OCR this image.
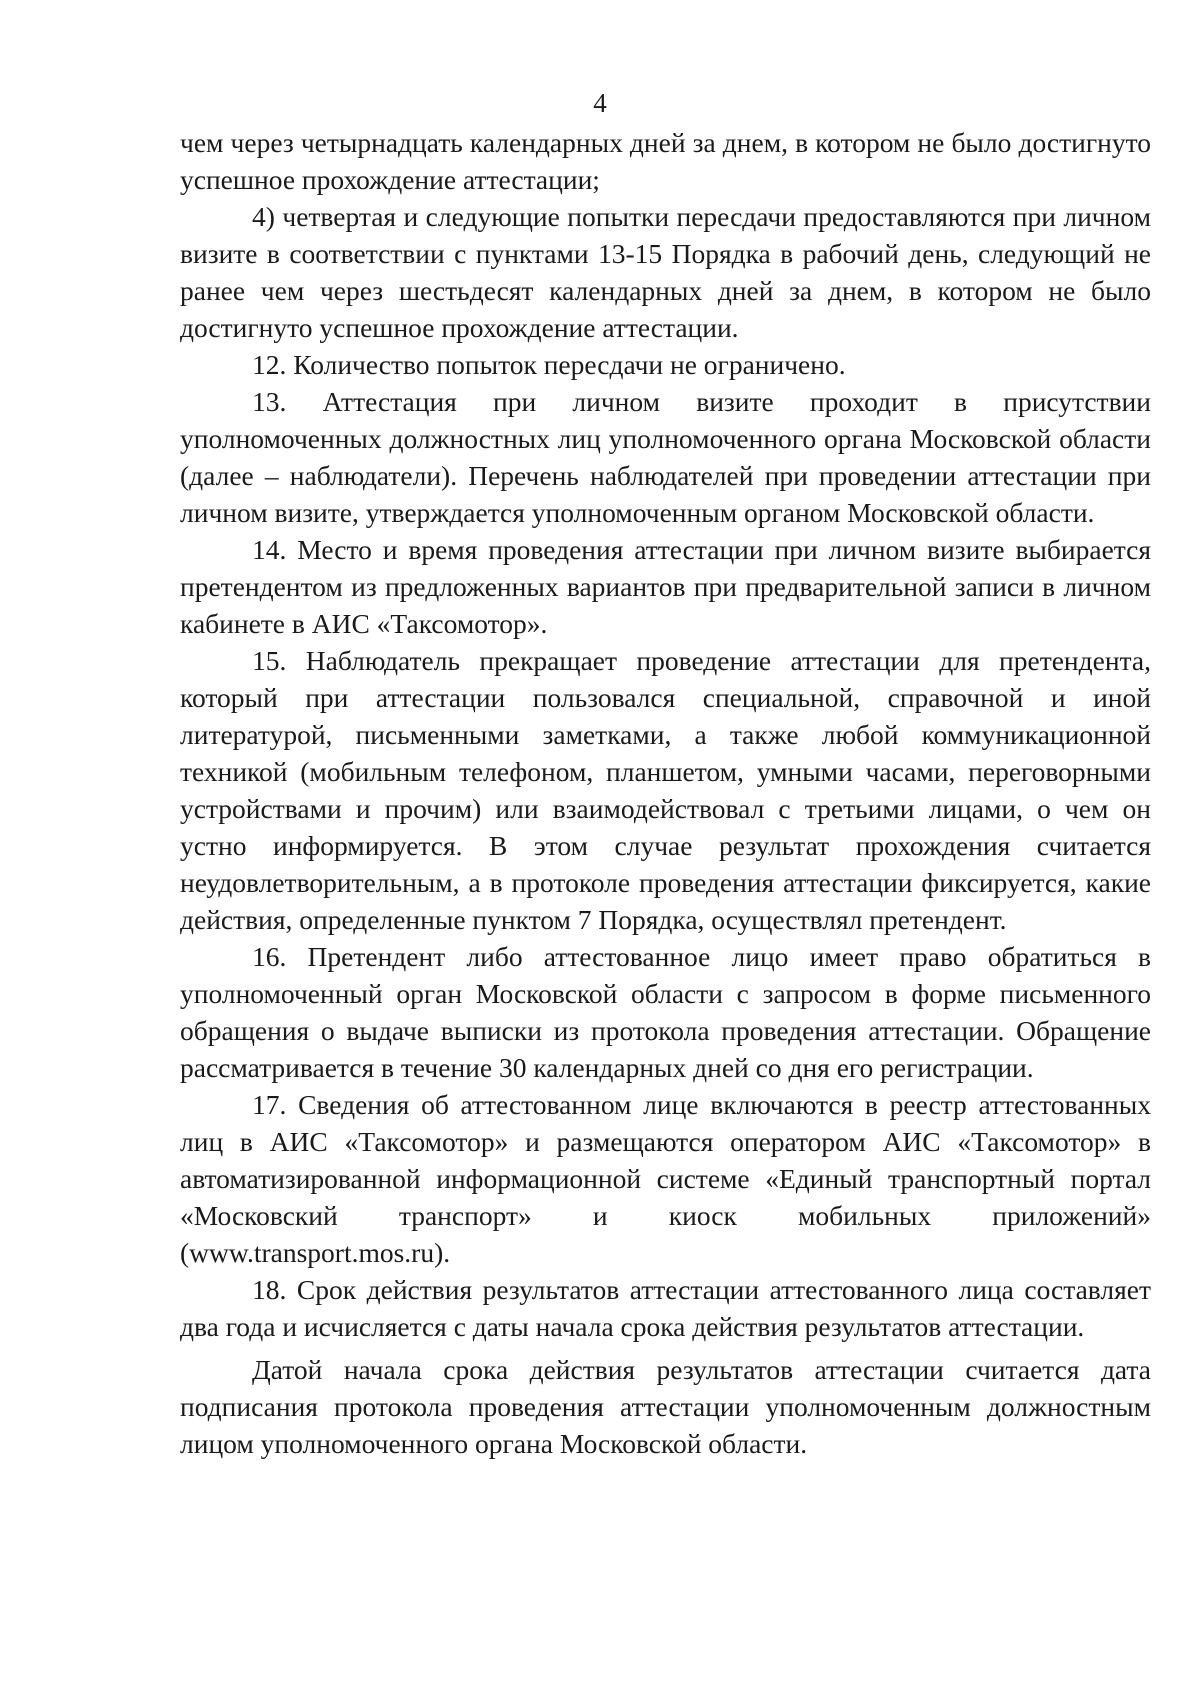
4

чем через четырнадцать календарных дней за днем, в котором не было достигнуто успешное прохождение аттестации;

4) четвертая и следующие попытки пересдачи предоставляются при личном визите в соответствии с пунктами 13-15 Порядка в рабочий день, следующий не ранее чем через шестьдесят календарных дней за днем, в котором не было достигнуто успешное прохождение аттестации.

12. Количество попыток пересдачи не ограничено.

13. Аттестация при личном визите проходит в присутствии уполномоченных должностных лиц уполномоченного органа Московской области (далее – наблюдатели). Перечень наблюдателей при проведении аттестации при личном визите, утверждается уполномоченным органом Московской области.

14. Место и время проведения аттестации при личном визите выбирается претендентом из предложенных вариантов при предварительной записи в личном кабинете в АИС «Таксомотор».

15. Наблюдатель прекращает проведение аттестации для претендента, который при аттестации пользовался специальной, справочной и иной литературой, письменными заметками, а также любой коммуникационной техникой (мобильным телефоном, планшетом, умными часами, переговорными устройствами и прочим) или взаимодействовал с третьими лицами, о чем он устно информируется. В этом случае результат прохождения считается неудовлетворительным, а в протоколе проведения аттестации фиксируется, какие действия, определенные пунктом 7 Порядка, осуществлял претендент.

16. Претендент либо аттестованное лицо имеет право обратиться в уполномоченный орган Московской области с запросом в форме письменного обращения о выдаче выписки из протокола проведения аттестации. Обращение рассматривается в течение 30 календарных дней со дня его регистрации.

17. Сведения об аттестованном лице включаются в реестр аттестованных лиц в АИС «Таксомотор» и размещаются оператором АИС «Таксомотор» в автоматизированной информационной системе «Единый транспортный портал «Московский транспорт» и киоск мобильных приложений» (www.transport.mos.ru).

18. Срок действия результатов аттестации аттестованного лица составляет два года и исчисляется с даты начала срока действия результатов аттестации.

Датой начала срока действия результатов аттестации считается дата подписания протокола проведения аттестации уполномоченным должностным лицом уполномоченного органа Московской области.
